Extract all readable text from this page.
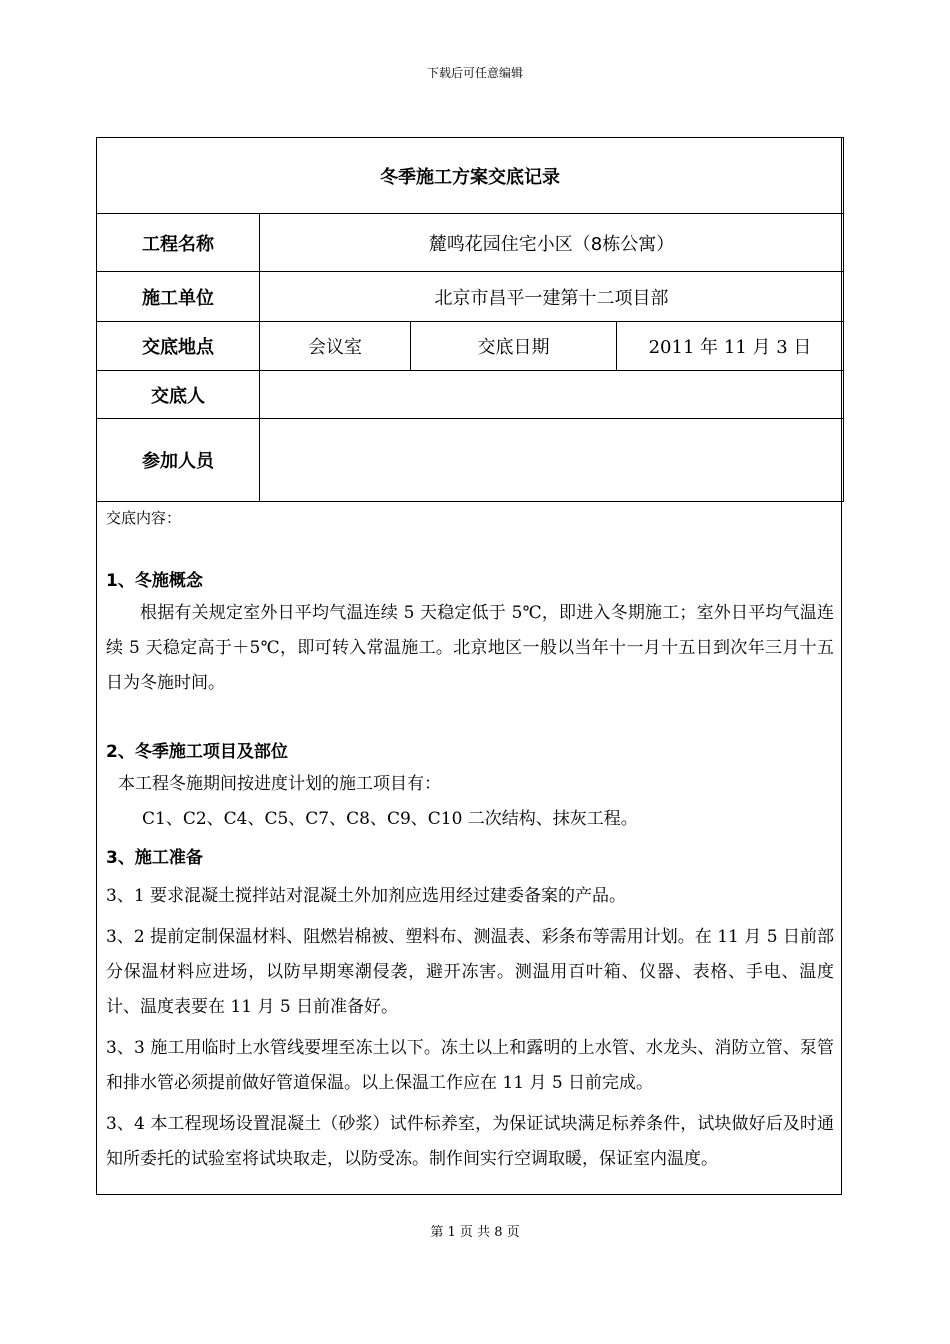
下载后可任意编辑
冬季施工方案交底记录			
工程名称	麓鸣花园住宅小区（8栋公寓）		
施工单位	北京市昌平一建第十二项目部		
交底地点	会议室	交底日期	2011 年 11 月 3 日
交底人			
参加人员			
交底内容：
1、冬施概念
根据有关规定室外日平均气温连续 5 天稳定低于 5℃，即进入冬期施工；室外日平均气温连续 5 天稳定高于＋5℃，即可转入常温施工。北京地区一般以当年十一月十五日到次年三月十五日为冬施时间。
2、冬季施工项目及部位
本工程冬施期间按进度计划的施工项目有：
C1、C2、C4、C5、C7、C8、C9、C10 二次结构、抹灰工程。
3、施工准备
3、1 要求混凝土搅拌站对混凝土外加剂应选用经过建委备案的产品。
3、2 提前定制保温材料、阻燃岩棉被、塑料布、测温表、彩条布等需用计划。在 11 月 5 日前部分保温材料应进场，以防早期寒潮侵袭，避开冻害。测温用百叶箱、仪器、表格、手电、温度计、温度表要在 11 月 5 日前准备好。
3、3 施工用临时上水管线要埋至冻土以下。冻土以上和露明的上水管、水龙头、消防立管、泵管和排水管必须提前做好管道保温。以上保温工作应在 11 月 5 日前完成。
3、4 本工程现场设置混凝土（砂浆）试件标养室，为保证试块满足标养条件，试块做好后及时通知所委托的试验室将试块取走，以防受冻。制作间实行空调取暖，保证室内温度。
第 1 页 共 8 页
